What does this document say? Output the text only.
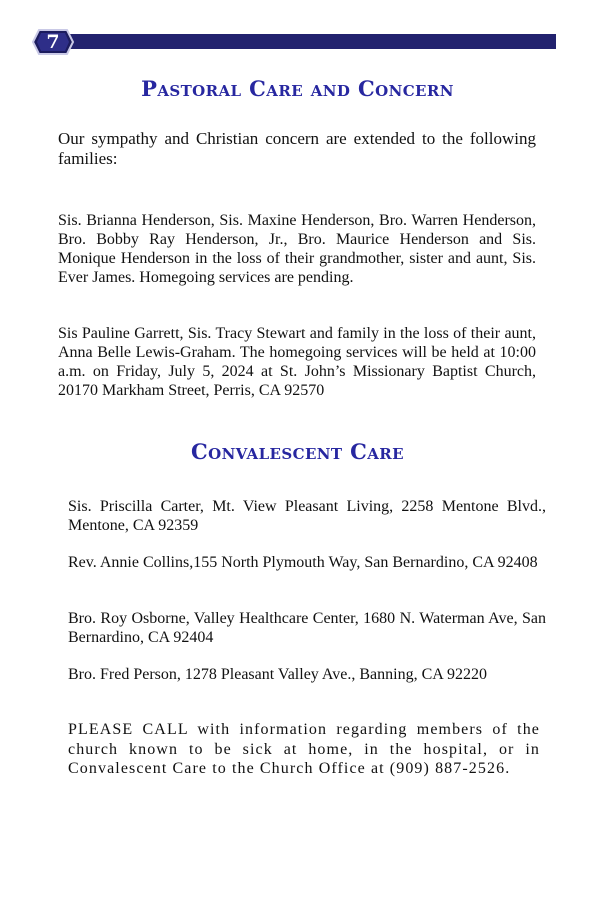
7
Pastoral Care and Concern

Our sympathy and Christian concern are extended to the following families:

Sis. Brianna Henderson, Sis. Maxine Henderson, Bro. Warren Henderson, Bro. Bobby Ray Henderson, Jr., Bro. Maurice Henderson and Sis. Monique Henderson in the loss of their grandmother, sister and aunt, Sis. Ever James. Homegoing services are pending.

Sis Pauline Garrett, Sis. Tracy Stewart and family in the loss of their aunt, Anna Belle Lewis-Graham. The homegoing services will be held at 10:00 a.m. on Friday, July 5, 2024 at St. John’s Missionary Baptist Church, 20170 Markham Street, Perris, CA 92570

Convalescent Care

Sis. Priscilla Carter, Mt. View Pleasant Living, 2258 Mentone Blvd., Mentone, CA 92359

Rev. Annie Collins,155 North Plymouth Way, San Bernardino, CA 92408

Bro. Roy Osborne, Valley Healthcare Center, 1680 N. Waterman Ave, San Bernardino, CA 92404

Bro. Fred Person, 1278 Pleasant Valley Ave., Banning, CA 92220

PLEASE CALL with information regarding members of the church known to be sick at home, in the hospital, or in Convalescent Care to the Church Office at (909) 887-2526.
